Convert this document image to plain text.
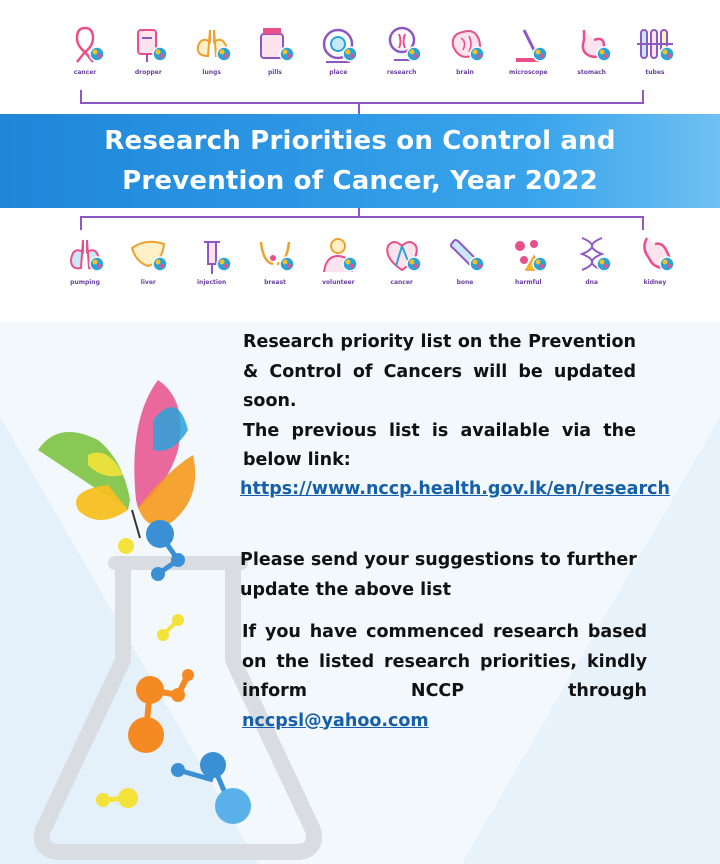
cancer	dropper	lungs	pills	place	research	brain	microscope	stomach	tubes
Research Priorities on Control and
Prevention of Cancer, Year 2022
pumping	liver	injection	breast	volunteer	cancer	bone	harmful	dna	kidney

Research priority list on the Prevention & Control of Cancers will be updated soon.

The previous list is available via the below link:

https://www.nccp.health.gov.lk/en/research
Please send your suggestions to further update the above list

If you have commenced research based on the listed research priorities, kindly inform NCCP through

nccpsl@yahoo.com
